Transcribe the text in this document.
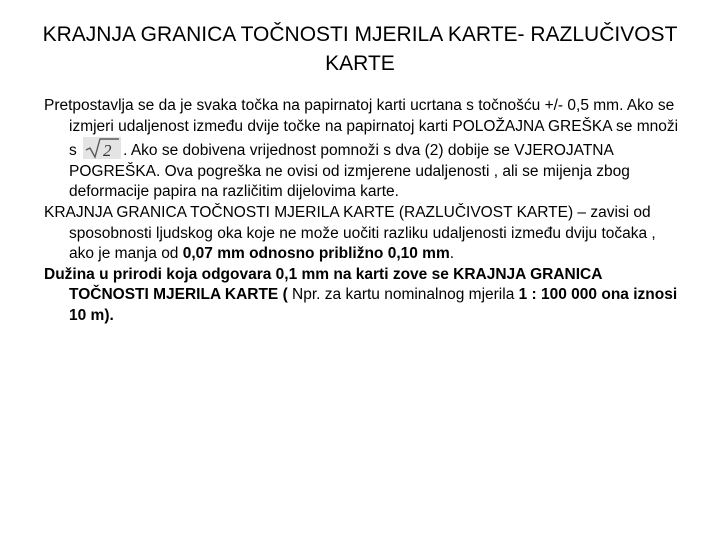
KRAJNJA GRANICA TOČNOSTI MJERILA KARTE- RAZLUČIVOST KARTE

Pretpostavlja se da je svaka točka na papirnatoj karti ucrtana s točnošću +/- 0,5 mm. Ako se izmjeri udaljenost između dvije točke na papirnatoj karti POLOŽAJNA GREŠKA se množi s 2 . Ako se dobivena vrijednost pomnoži s dva (2) dobije se VJEROJATNA POGREŠKA. Ova pogreška ne ovisi od izmjerene udaljenosti , ali se mijenja zbog deformacije papira na različitim dijelovima karte.

KRAJNJA GRANICA TOČNOSTI MJERILA KARTE (RAZLUČIVOST KARTE) – zavisi od sposobnosti ljudskog oka koje ne može uočiti razliku udaljenosti između dviju točaka , ako je manja od 0,07 mm odnosno približno 0,10 mm.

Dužina u prirodi koja odgovara 0,1 mm na karti zove se KRAJNJA GRANICA TOČNOSTI MJERILA KARTE ( Npr. za kartu nominalnog mjerila 1 : 100 000 ona iznosi 10 m).
